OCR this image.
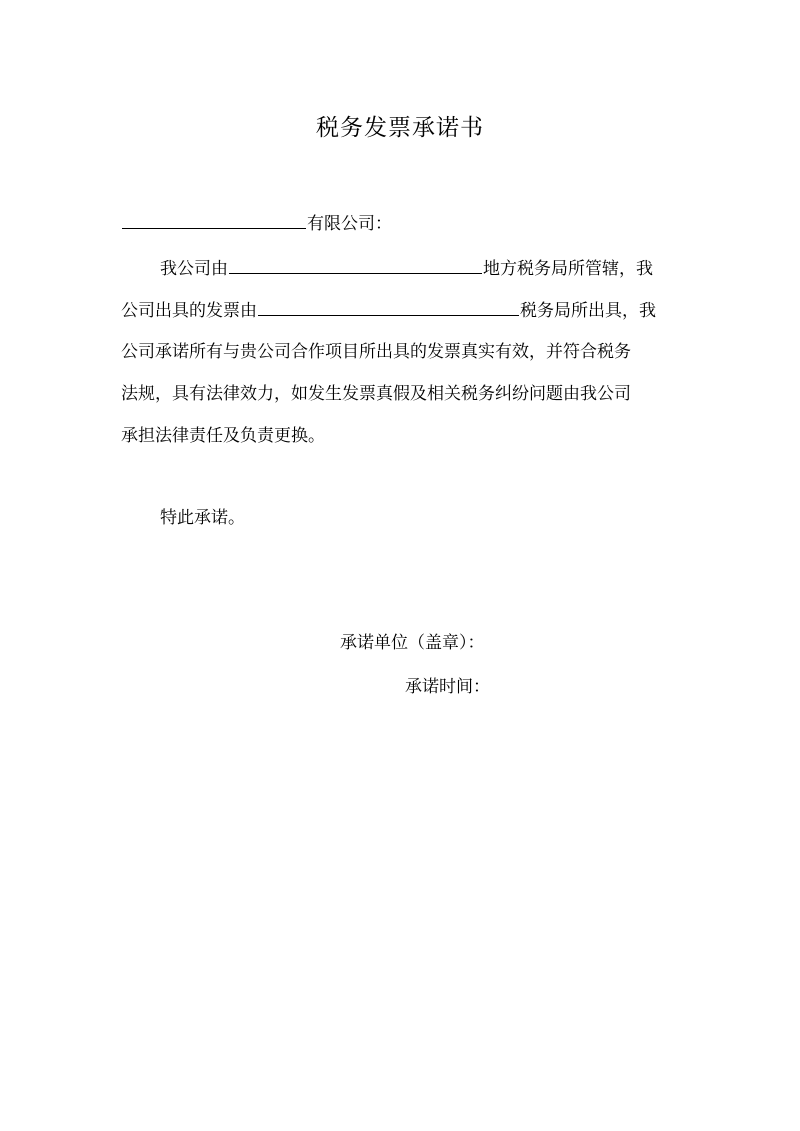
税务发票承诺书
有限公司：
我公司由	地方税务局所管辖，我
公司出具的发票由	税务局所出具，我
公司承诺所有与贵公司合作项目所出具的发票真实有效，并符合税务
法规，具有法律效力，如发生发票真假及相关税务纠纷问题由我公司
承担法律责任及负责更换。
特此承诺。
承诺单位（盖章）：
承诺时间：
